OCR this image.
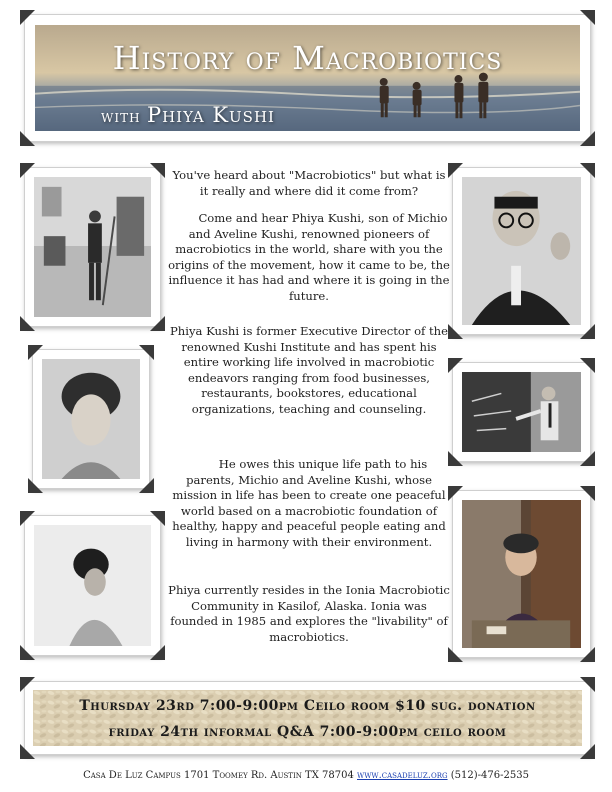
History of Macrobiotics
with Phiya Kushi

You've heard about "Macrobiotics" but what is it really and where did it come from?

Come and hear Phiya Kushi, son of Michio and Aveline Kushi, renowned pioneers of macrobiotics in the world, share with you the origins of the movement, how it came to be, the influence it has had and where it is going in the future.

Phiya Kushi is former Executive Director of the renowned Kushi Institute and has spent his entire working life involved in macrobiotic endeavors ranging from food businesses, restaurants, bookstores, educational organizations, teaching and counseling.

He owes this unique life path to his parents, Michio and Aveline Kushi, whose mission in life has been to create one peaceful world based on a macrobiotic foundation of healthy, happy and peaceful people eating and living in harmony with their environment.

Phiya currently resides in the Ionia Macrobiotic Community in Kasilof, Alaska. Ionia was founded in 1985 and explores the "livability" of macrobiotics.

Thursday 23rd 7:00-9:00pm Ceilo room $10 sug. donation
friday 24th informal Q&A 7:00-9:00pm ceilo room
Casa De Luz Campus 1701 Toomey Rd. Austin TX 78704 www.casadeluz.org (512)-476-2535
